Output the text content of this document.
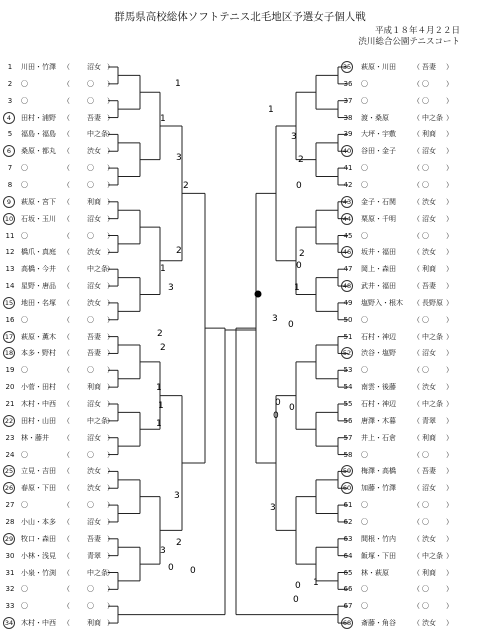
群馬県高校総体ソフトテニス北毛地区予選女子個人戦
平成１８年４月２２日
渋川総合公園テニスコート
1	川田・竹澤 （ 沼女 ）
2	〇	（ 〇 ）
3	〇	（ 〇 ）
4	田村・浦野 （ 吾妻 ）
5	福島・福島 （ 中之条 ）
6	桑原・都丸 （ 渋女 ）
7	〇	（ 〇 ）
8	〇	（ 〇 ）
9	萩原・宮下 （ 利商 ）
10 石坂・玉川 （ 沼女 ）
11 〇	（ 〇 ）
12 橋爪・真庭 （ 渋女 ）
13 高橋・今井 （ 中之条 ）
14 星野・唐品 （ 沼女 ）
15 地田・名塚 （ 渋女 ）
16 〇	（ 〇 ）
17 萩原・薫木 （ 吾妻 ）
18 本多・野村 （ 吾妻 ）
19 〇	（ 〇 ）
20 小菅・田村 （ 利商 ）
21 木村・中西 （ 沼女 ）
22 田村・山田 （ 中之条 ）
23 林・藤井 （ 沼女 ）
24 〇	（ 〇 ）
25 立見・吉田 （ 渋女 ）
26 春原・下田 （ 渋女 ）
27 〇	（ 〇 ）
28 小山・本多 （ 沼女 ）
29 牧口・森田 （ 吾妻 ）
30 小林・浅見 （ 青翠 ）
31 小泉・竹渕 （ 中之条 ）
32 〇	（ 〇 ）
33 〇	（ 〇 ）
34 木村・中西 （ 利商 ）
35 萩原・川田 （ 吾妻 ）
36	〇	（ 〇 ）
37	〇	（ 〇 ）
38	渡・桑原	（ 中之条 ）
39	大坪・宇敷 （ 利商 ）
40 谷田・金子 （ 沼女 ）
41	〇	（ 〇 ）
42	〇	（ 〇 ）
43 金子・石関 （ 渋女 ）
44 栗原・千明 （ 沼女 ）
45	〇	（ 〇 ）
46 坂井・福田 （ 渋女 ）
47	岡上・森田 （ 利商 ）
48 武井・福田 （ 吾妻 ）
49	塩野入・根木 （ 長野原 ）
50	〇	（ 〇 ）
51	石村・神辺 （ 中之条 ）
52 渋谷・塩野 （ 沼女 ）
53	〇	（ 〇 ）
54	南雲・後藤 （ 渋女 ）
55	石村・神辺 （ 中之条 ）
56	唐澤・木暮 （ 青翠 ）
57	井上・石倉 （ 利商 ）
58	〇	（ 〇 ）
59 梅澤・高橋 （ 吾妻 ）
60 加藤・竹澤 （ 沼女 ）
61	〇	（ 〇 ）
62	〇	（ 〇 ）
63	間根・竹内 （ 渋女 ）
64	飯塚・下田 （ 中之条 ）
65	林・萩原	（ 利商 ）
66	〇	（ 〇 ）
67	〇	（ 〇 ）
68 斎藤・角谷 （ 渋女 ）
1
1
3
2
2
1
3
2
2
1
1
1
3
2
3
0 0
1
3
2
0
2
0
1
0
3
0
0
0
3
0 1
0
